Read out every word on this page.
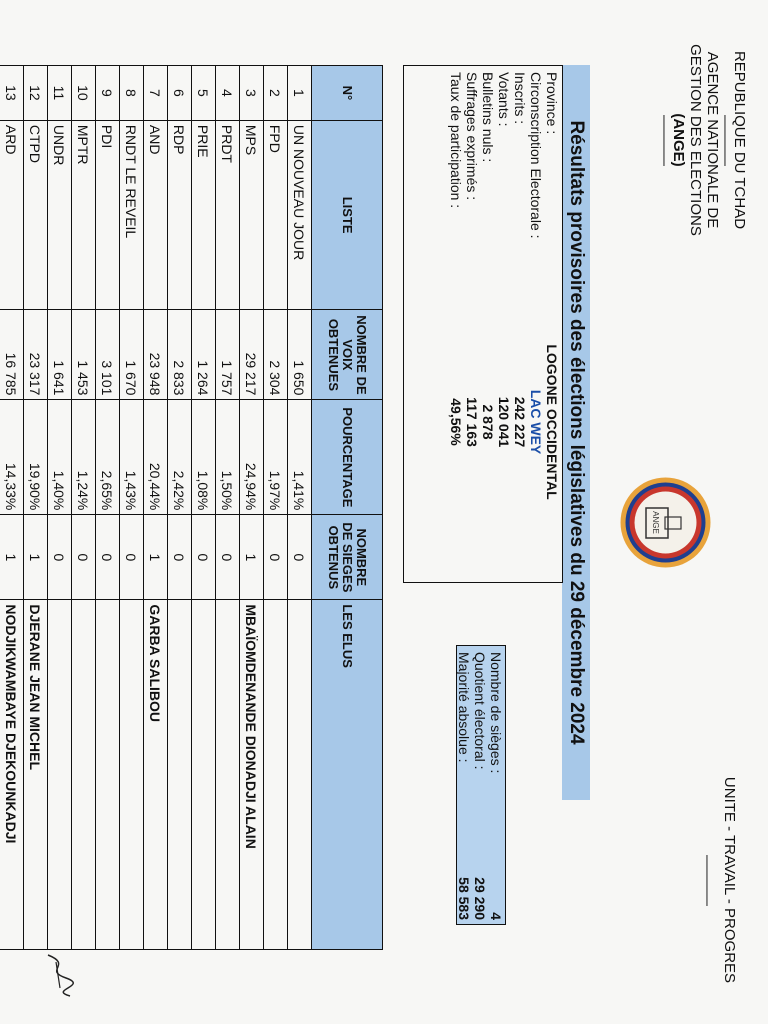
REPUBLIQUE DU TCHAD
-----------------
AGENCE NATIONALE DE
GESTION DES ELECTIONS
(ANGE)
-----------------
ANGE
UNITE - TRAVAIL - PROGRES
-----------------
Résultats provisoires des élections législatives du 29 décembre 2024
Province :
LOGONE OCCIDENTAL
Circonscription Electorale :
LAC WEY
Inscrits :
242 227
Votants :
120 041
Bulletins nuls :
2 878
Suffrages exprimés :
117 163
Taux de participation :
49,56%
Nombre de sièges :
4
Quotient électoral :
29 290
Majorité absolue :
58 583
N°	LISTE	NOMBRE DE VOIX OBTENUES	POURCENTAGE	NOMBRE DE SIEGES OBTENUS	LES ELUS
1	UN NOUVEAU JOUR	1 650	1,41%	0	
2	FPD	2 304	1,97%	0	
3	MPS	29 217	24,94%	1	MBAÏOMDENANDE DIONADJI ALAIN
4	PRDT	1 757	1,50%	0	
5	PRIE	1 264	1,08%	0	
6	RDP	2 833	2,42%	0	
7	AND	23 948	20,44%	1	GARBA SALIBOU
8	RNDT LE REVEIL	1 670	1,43%	0	
9	PDI	3 101	2,65%	0	
10	MPTR	1 453	1,24%	0	
11	UNDR	1 641	1,40%	0	
12	CTPD	23 317	19,90%	1	DJERANE JEAN MICHEL
13	ARD	16 785	14,33%	1	NODJIKWAMBAYE DJEKOUNKADJI
